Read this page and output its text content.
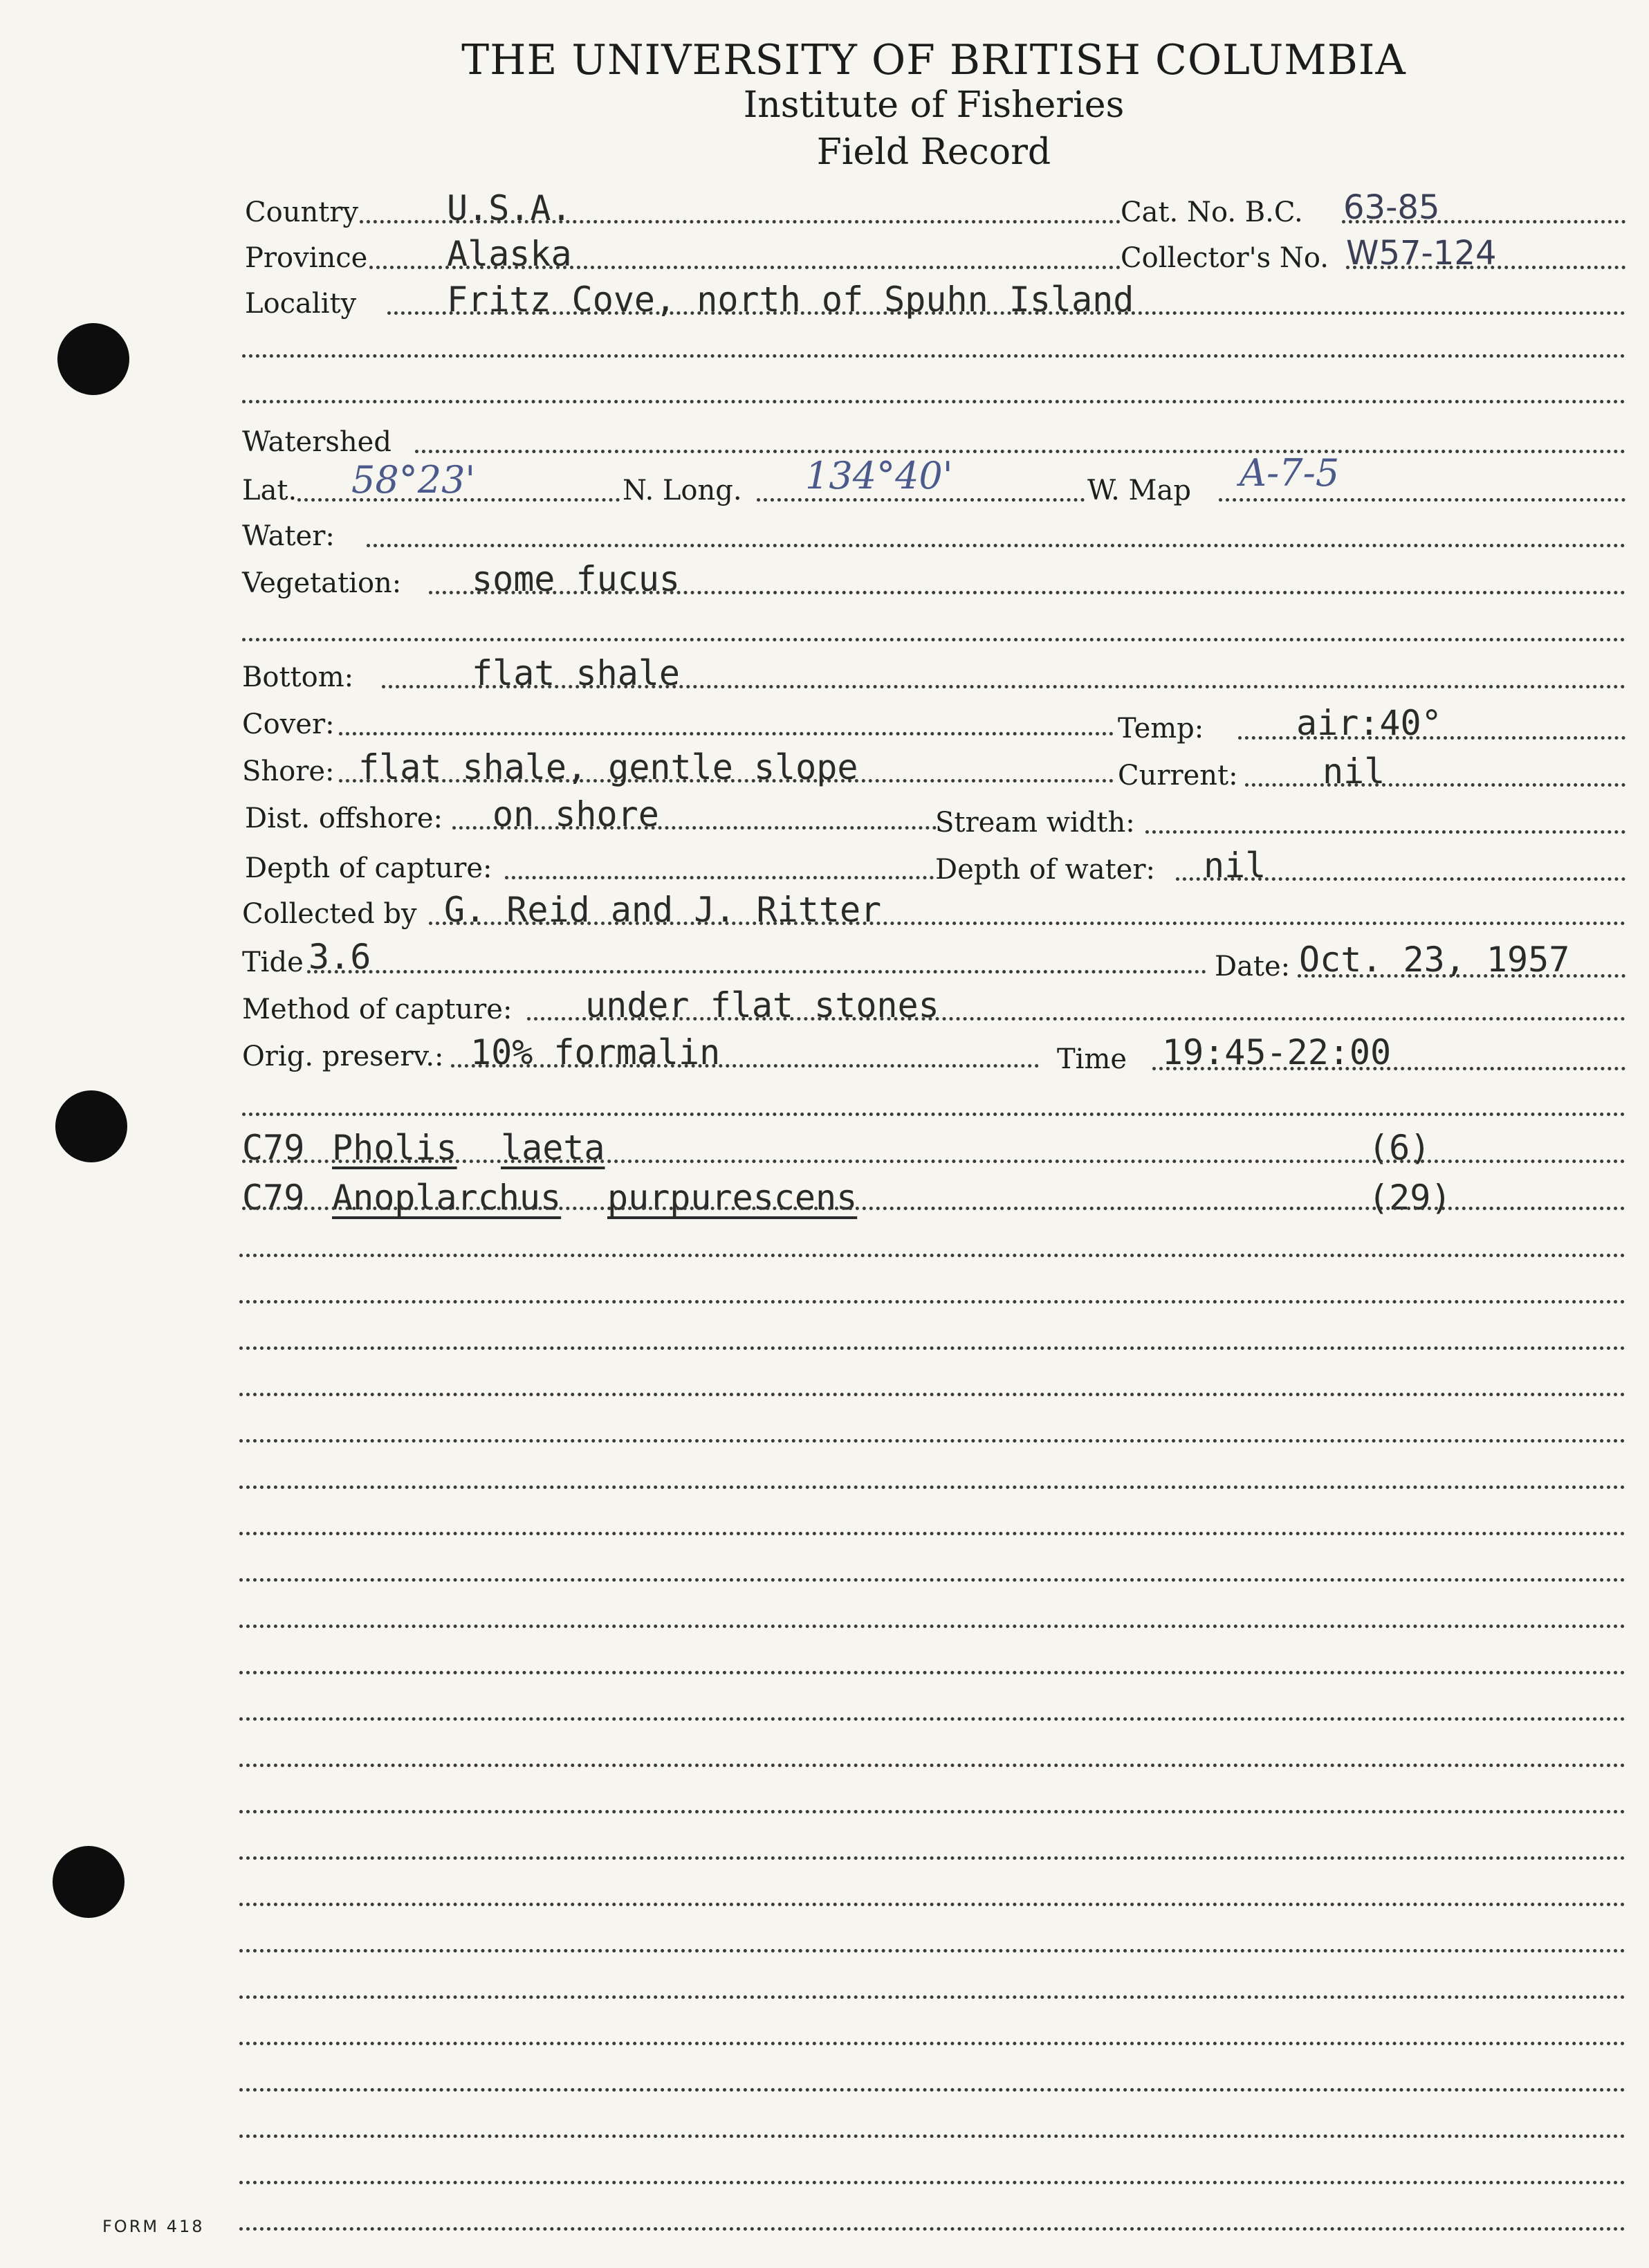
THE UNIVERSITY OF BRITISH COLUMBIA
Institute of Fisheries
Field Record
Country	U.S.A.	Cat. No. B.C. 63-85
Province Alaska	Collector's No. W57-124
Locality	Fritz Cove, north of Spuhn Island
Watershed
Lat. 58°23'	N. Long. 134°40'	W. Map A-7-5
Water:
Vegetation: some fucus
Bottom:	flat shale
Cover:	Temp:	air:40°
Shore: flat shale, gentle slope	Current: nil
Dist. offshore: on shore	Stream width:
Depth of capture:	Depth of water: nil
Collected by G. Reid and J. Ritter
Tide 3.6	Date: Oct. 23, 1957
Method of capture: under flat stones
Orig. preserv.: 10% formalin	Time 19:45-22:00
C79 Pholis laeta	(6)
C79 Anoplarchus purpurescens	(29)
FORM 418
